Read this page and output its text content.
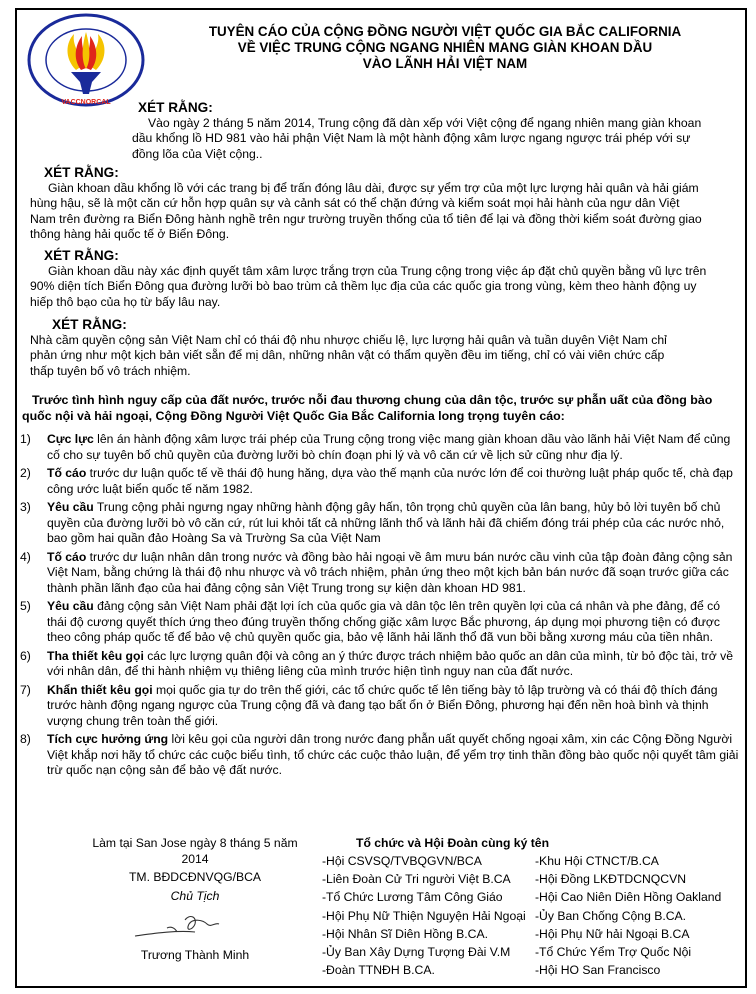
VACCNORCAL
TUYÊN CÁO CỦA CỘNG ĐỒNG NGƯỜI VIỆT QUỐC GIA BẮC CALIFORNIA
VỀ VIỆC TRUNG CỘNG NGANG NHIÊN MANG GIÀN KHOAN DẦU
VÀO LÃNH HẢI VIỆT NAM
XÉT RẰNG:
Vào ngày 2 tháng 5 năm 2014, Trung cộng đã dàn xếp với Việt cộng để ngang nhiên mang giàn khoan
dầu khổng lồ HD 981 vào hải phận Việt Nam là một hành động xâm lược ngang ngược trái phép với sự
đồng lõa của Việt cộng..
XÉT RẰNG:
Giàn khoan dầu khổng lồ với các trang bị để trấn đóng lâu dài, được sự yểm trợ của một lực lượng hải quân và hải giám
hùng hậu, sẽ là một căn cứ hỗn hợp quân sự và cảnh sát có thể chặn đứng và kiểm soát mọi hải hành của ngư dân Việt
Nam trên đường ra Biển Đông hành nghề trên ngư trường truyền thống của tổ tiên để lại và đồng thời kiểm soát đường giao
thông hàng hải quốc tế ở Biển Đông.
XÉT RẰNG:
Giàn khoan dầu này xác định quyết tâm xâm lược trắng trợn của Trung cộng trong việc áp đặt chủ quyền bằng vũ lực trên
90% diện tích Biển Đông qua đường lưỡi bò bao trùm cả thềm lục địa của các quốc gia trong vùng, kèm theo hành động uy
hiếp thô bạo của họ từ bấy lâu nay.
XÉT RẰNG:
Nhà cầm quyền cộng sản Việt Nam chỉ có thái độ nhu nhược chiếu lệ, lực lượng hải quân và tuần duyên Việt Nam chỉ
phản ứng như một kịch bản viết sẵn để mị dân, những nhân vật có thẩm quyền đều im tiếng, chỉ có vài viên chức cấp
thấp tuyên bố vô trách nhiệm.
Trước tình hình nguy cấp của đất nước, trước nỗi đau thương chung của dân tộc, trước sự phẫn uất của đồng bào
quốc nội và hải ngoại, Cộng Đồng Người Việt Quốc Gia Bắc California long trọng tuyên cáo:
1) Cực lực lên án hành động xâm lược trái phép của Trung cộng trong việc mang giàn khoan dầu vào lãnh hải Việt Nam để củng cố cho sự tuyên bố chủ quyền của đường lưỡi bò chín đoạn phi lý và vô căn cứ về lịch sử cũng như địa lý.
2) Tố cáo trước dư luận quốc tế về thái độ hung hăng, dựa vào thế mạnh của nước lớn để coi thường luật pháp quốc tế, chà đạp công ước luật biển quốc tế năm 1982.
3) Yêu cầu Trung cộng phải ngưng ngay những hành động gây hấn, tôn trọng chủ quyền của lân bang, hủy bỏ lời tuyên bố chủ quyền của đường lưỡi bò vô căn cứ, rút lui khỏi tất cả những lãnh thổ và lãnh hải đã chiếm đóng trái phép của các nước nhỏ, bao gồm hai quần đảo Hoàng Sa và Trường Sa của Việt Nam
4) Tố cáo trước dư luận nhân dân trong nước và đồng bào hải ngoại về âm mưu bán nước cầu vinh của tập đoàn đảng cộng sản Việt Nam, bằng chứng là thái độ nhu nhược và vô trách nhiệm, phản ứng theo một kịch bản bán nước đã soạn trước giữa các thành phần lãnh đạo của hai đảng cộng sản Việt Trung trong sự kiện dàn khoan HD 981.
5) Yêu cầu đảng cộng sản Việt Nam phải đặt lợi ích của quốc gia và dân tộc lên trên quyền lợi của cá nhân và phe đảng, để có thái độ cương quyết thích ứng theo đúng truyền thống chống giặc xâm lược Bắc phương, áp dụng mọi phương tiện có được theo công pháp quốc tế để bảo vệ chủ quyền quốc gia, bảo vệ lãnh hải lãnh thổ đã vun bồi bằng xương máu của tiền nhân.
6) Tha thiết kêu gọi các lực lượng quân đội và công an ý thức được trách nhiệm bảo quốc an dân của mình, từ bỏ độc tài, trở về với nhân dân, để thi hành nhiệm vụ thiêng liêng của mình trước hiện tình nguy nan của đất nước.
7) Khẩn thiết kêu gọi mọi quốc gia tự do trên thế giới, các tổ chức quốc tế lên tiếng bày tỏ lập trường và có thái độ thích đáng trước hành động ngang ngược của Trung cộng đã và đang tạo bất ổn ở Biển Đông, phương hại đến nền hoà bình và thịnh vượng chung trên toàn thế giới.
8) Tích cực hưởng ứng lời kêu gọi của người dân trong nước đang phẫn uất quyết chống ngoại xâm, xin các Cộng Đồng Người Việt khắp nơi hãy tổ chức các cuộc biểu tình, tổ chức các cuộc thảo luận, để yểm trợ tinh thần đồng bào quốc nội quyết tâm giải trừ quốc nạn cộng sản để bảo vệ đất nước.
Làm tại San Jose ngày 8 tháng 5 năm 2014
TM. BĐDCĐNVQG/BCA
Chủ Tịch
Trương Thành Minh
Tổ chức và Hội Đoàn cùng ký tên
-Hội CSVSQ/TVBQGVN/BCA
-Liên Đoàn Cử Tri người Việt B.CA
-Tổ Chức Lương Tâm Công Giáo
-Hội Phụ Nữ Thiện Nguyện Hải Ngoại
-Hội Nhân Sĩ Diên Hồng B.CA.
-Ủy Ban Xây Dựng Tượng Đài V.M
-Đoàn TTNĐH B.CA.
-Khu Hội CTNCT/B.CA
-Hội Đồng LKĐTDCNQCVN
-Hội Cao Niên Diên Hồng Oakland
-Ủy Ban Chống Cộng B.CA.
-Hội Phụ Nữ hải Ngoại B.CA
-Tổ Chức Yểm Trợ Quốc Nội
-Hội HO San Francisco
